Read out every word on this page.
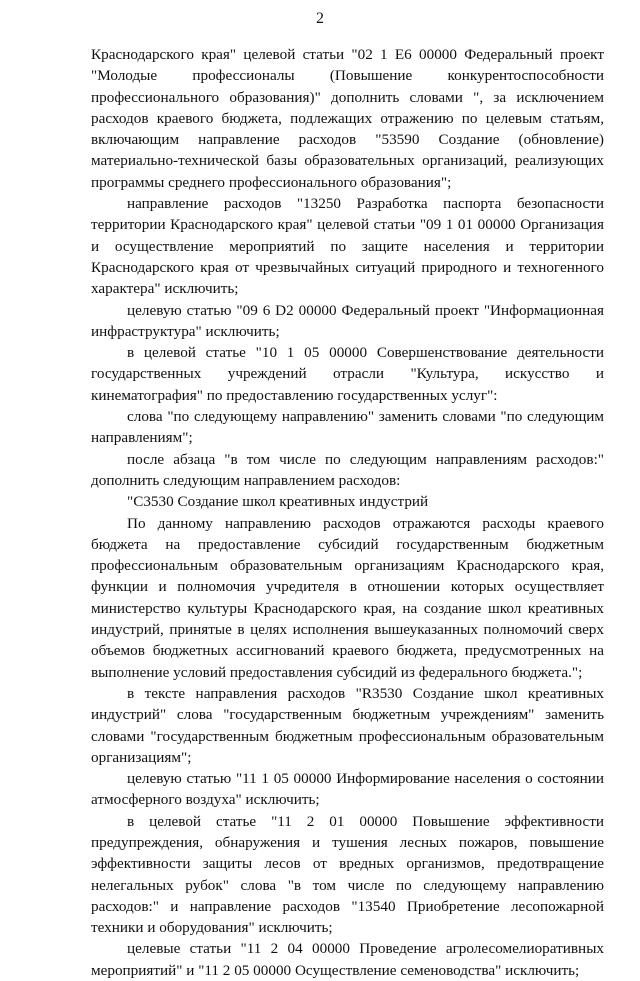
2

Краснодарского края" целевой статьи "02 1 Е6 00000 Федеральный проект "Молодые профессионалы (Повышение конкурентоспособности профессионального образования)" дополнить словами ", за исключением расходов краевого бюджета, подлежащих отражению по целевым статьям, включающим направление расходов "53590 Создание (обновление) материально-технической базы образовательных организаций, реализующих программы среднего профессионального образования";

направление расходов "13250 Разработка паспорта безопасности территории Краснодарского края" целевой статьи "09 1 01 00000 Организация и осуществление мероприятий по защите населения и территории Краснодарского края от чрезвычайных ситуаций природного и техногенного характера" исключить;

целевую статью "09 6 D2 00000 Федеральный проект "Информационная инфраструктура" исключить;

в целевой статье "10 1 05 00000 Совершенствование деятельности государственных учреждений отрасли "Культура, искусство и кинематография" по предоставлению государственных услуг":

слова "по следующему направлению" заменить словами "по следующим направлениям";

после абзаца "в том числе по следующим направлениям расходов:" дополнить следующим направлением расходов:

"С3530 Создание школ креативных индустрий

По данному направлению расходов отражаются расходы краевого бюджета на предоставление субсидий государственным бюджетным профессиональным образовательным организациям Краснодарского края, функции и полномочия учредителя в отношении которых осуществляет министерство культуры Краснодарского края, на создание школ креативных индустрий, принятые в целях исполнения вышеуказанных полномочий сверх объемов бюджетных ассигнований краевого бюджета, предусмотренных на выполнение условий предоставления субсидий из федерального бюджета.";

в тексте направления расходов "R3530 Создание школ креативных индустрий" слова "государственным бюджетным учреждениям" заменить словами "государственным бюджетным профессиональным образовательным организациям";

целевую статью "11 1 05 00000 Информирование населения о состоянии атмосферного воздуха" исключить;

в целевой статье "11 2 01 00000 Повышение эффективности предупреждения, обнаружения и тушения лесных пожаров, повышение эффективности защиты лесов от вредных организмов, предотвращение нелегальных рубок" слова "в том числе по следующему направлению расходов:" и направление расходов "13540 Приобретение лесопожарной техники и оборудования" исключить;

целевые статьи "11 2 04 00000 Проведение агролесомелиоративных мероприятий" и "11 2 05 00000 Осуществление семеноводства" исключить;
